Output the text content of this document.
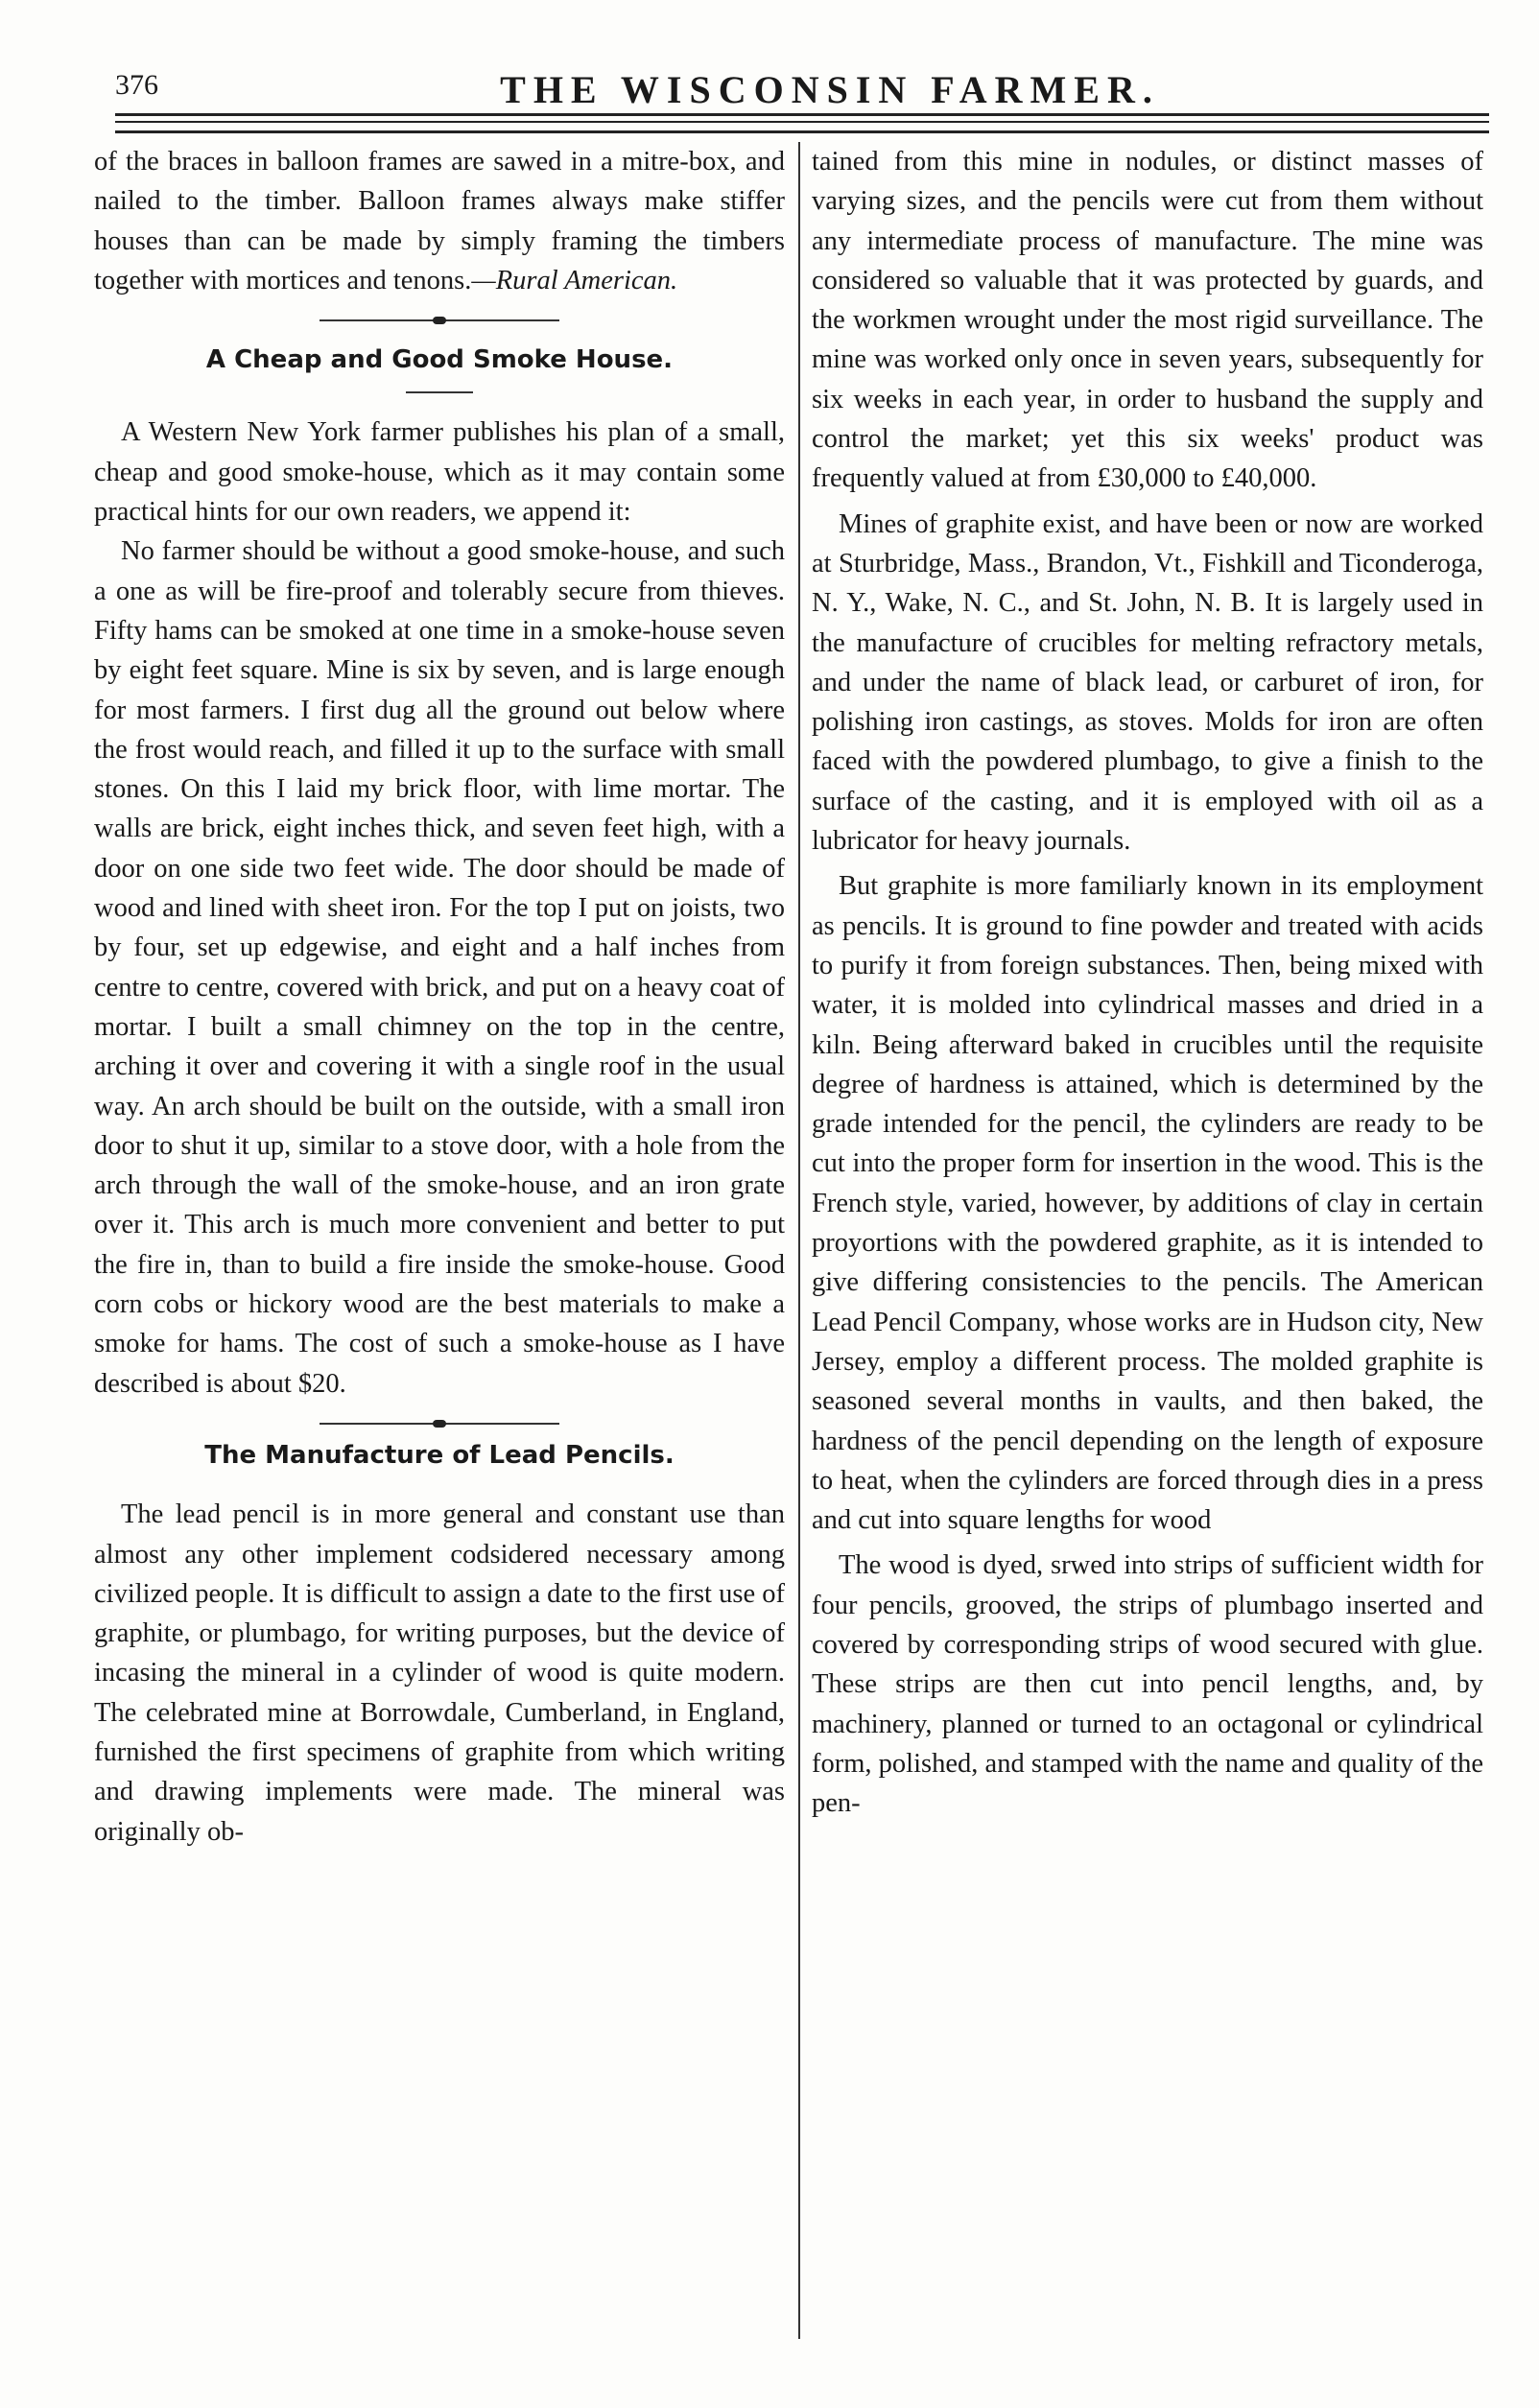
376	THE WISCONSIN FARMER.

of the braces in balloon frames are sawed in a mitre-box, and nailed to the timber. Balloon frames always make stiffer houses than can be made by simply framing the timbers together with mortices and tenons.—Rural American.

A Cheap and Good Smoke House.

A Western New York farmer publishes his plan of a small, cheap and good smoke-house, which as it may contain some practical hints for our own readers, we append it:

No farmer should be without a good smoke-house, and such a one as will be fire-proof and tolerably secure from thieves. Fifty hams can be smoked at one time in a smoke-house seven by eight feet square. Mine is six by seven, and is large enough for most farmers. I first dug all the ground out below where the frost would reach, and filled it up to the surface with small stones. On this I laid my brick floor, with lime mortar. The walls are brick, eight inches thick, and seven feet high, with a door on one side two feet wide. The door should be made of wood and lined with sheet iron. For the top I put on joists, two by four, set up edgewise, and eight and a half inches from centre to centre, covered with brick, and put on a heavy coat of mortar. I built a small chimney on the top in the centre, arching it over and covering it with a single roof in the usual way. An arch should be built on the outside, with a small iron door to shut it up, similar to a stove door, with a hole from the arch through the wall of the smoke-house, and an iron grate over it. This arch is much more convenient and better to put the fire in, than to build a fire inside the smoke-house. Good corn cobs or hickory wood are the best materials to make a smoke for hams. The cost of such a smoke-house as I have described is about $20.

The Manufacture of Lead Pencils.

The lead pencil is in more general and constant use than almost any other implement codsidered necessary among civilized people. It is difficult to assign a date to the first use of graphite, or plumbago, for writing purposes, but the device of incasing the mineral in a cylinder of wood is quite modern. The celebrated mine at Borrowdale, Cumberland, in England, furnished the first specimens of graphite from which writing and drawing implements were made. The mineral was originally ob-

tained from this mine in nodules, or distinct masses of varying sizes, and the pencils were cut from them without any intermediate process of manufacture. The mine was considered so valuable that it was protected by guards, and the workmen wrought under the most rigid surveillance. The mine was worked only once in seven years, subsequently for six weeks in each year, in order to husband the supply and control the market; yet this six weeks' product was frequently valued at from £30,000 to £40,000.

Mines of graphite exist, and have been or now are worked at Sturbridge, Mass., Brandon, Vt., Fishkill and Ticonderoga, N. Y., Wake, N. C., and St. John, N. B. It is largely used in the manufacture of crucibles for melting refractory metals, and under the name of black lead, or carburet of iron, for polishing iron castings, as stoves. Molds for iron are often faced with the powdered plumbago, to give a finish to the surface of the casting, and it is employed with oil as a lubricator for heavy journals.

But graphite is more familiarly known in its employment as pencils. It is ground to fine powder and treated with acids to purify it from foreign substances. Then, being mixed with water, it is molded into cylindrical masses and dried in a kiln. Being afterward baked in crucibles until the requisite degree of hardness is attained, which is determined by the grade intended for the pencil, the cylinders are ready to be cut into the proper form for insertion in the wood. This is the French style, varied, however, by additions of clay in certain proyortions with the powdered graphite, as it is intended to give differing consistencies to the pencils. The American Lead Pencil Company, whose works are in Hudson city, New Jersey, employ a different process. The molded graphite is seasoned several months in vaults, and then baked, the hardness of the pencil depending on the length of exposure to heat, when the cylinders are forced through dies in a press and cut into square lengths for wood

The wood is dyed, srwed into strips of sufficient width for four pencils, grooved, the strips of plumbago inserted and covered by corresponding strips of wood secured with glue. These strips are then cut into pencil lengths, and, by machinery, planned or turned to an octagonal or cylindrical form, polished, and stamped with the name and quality of the pen-
